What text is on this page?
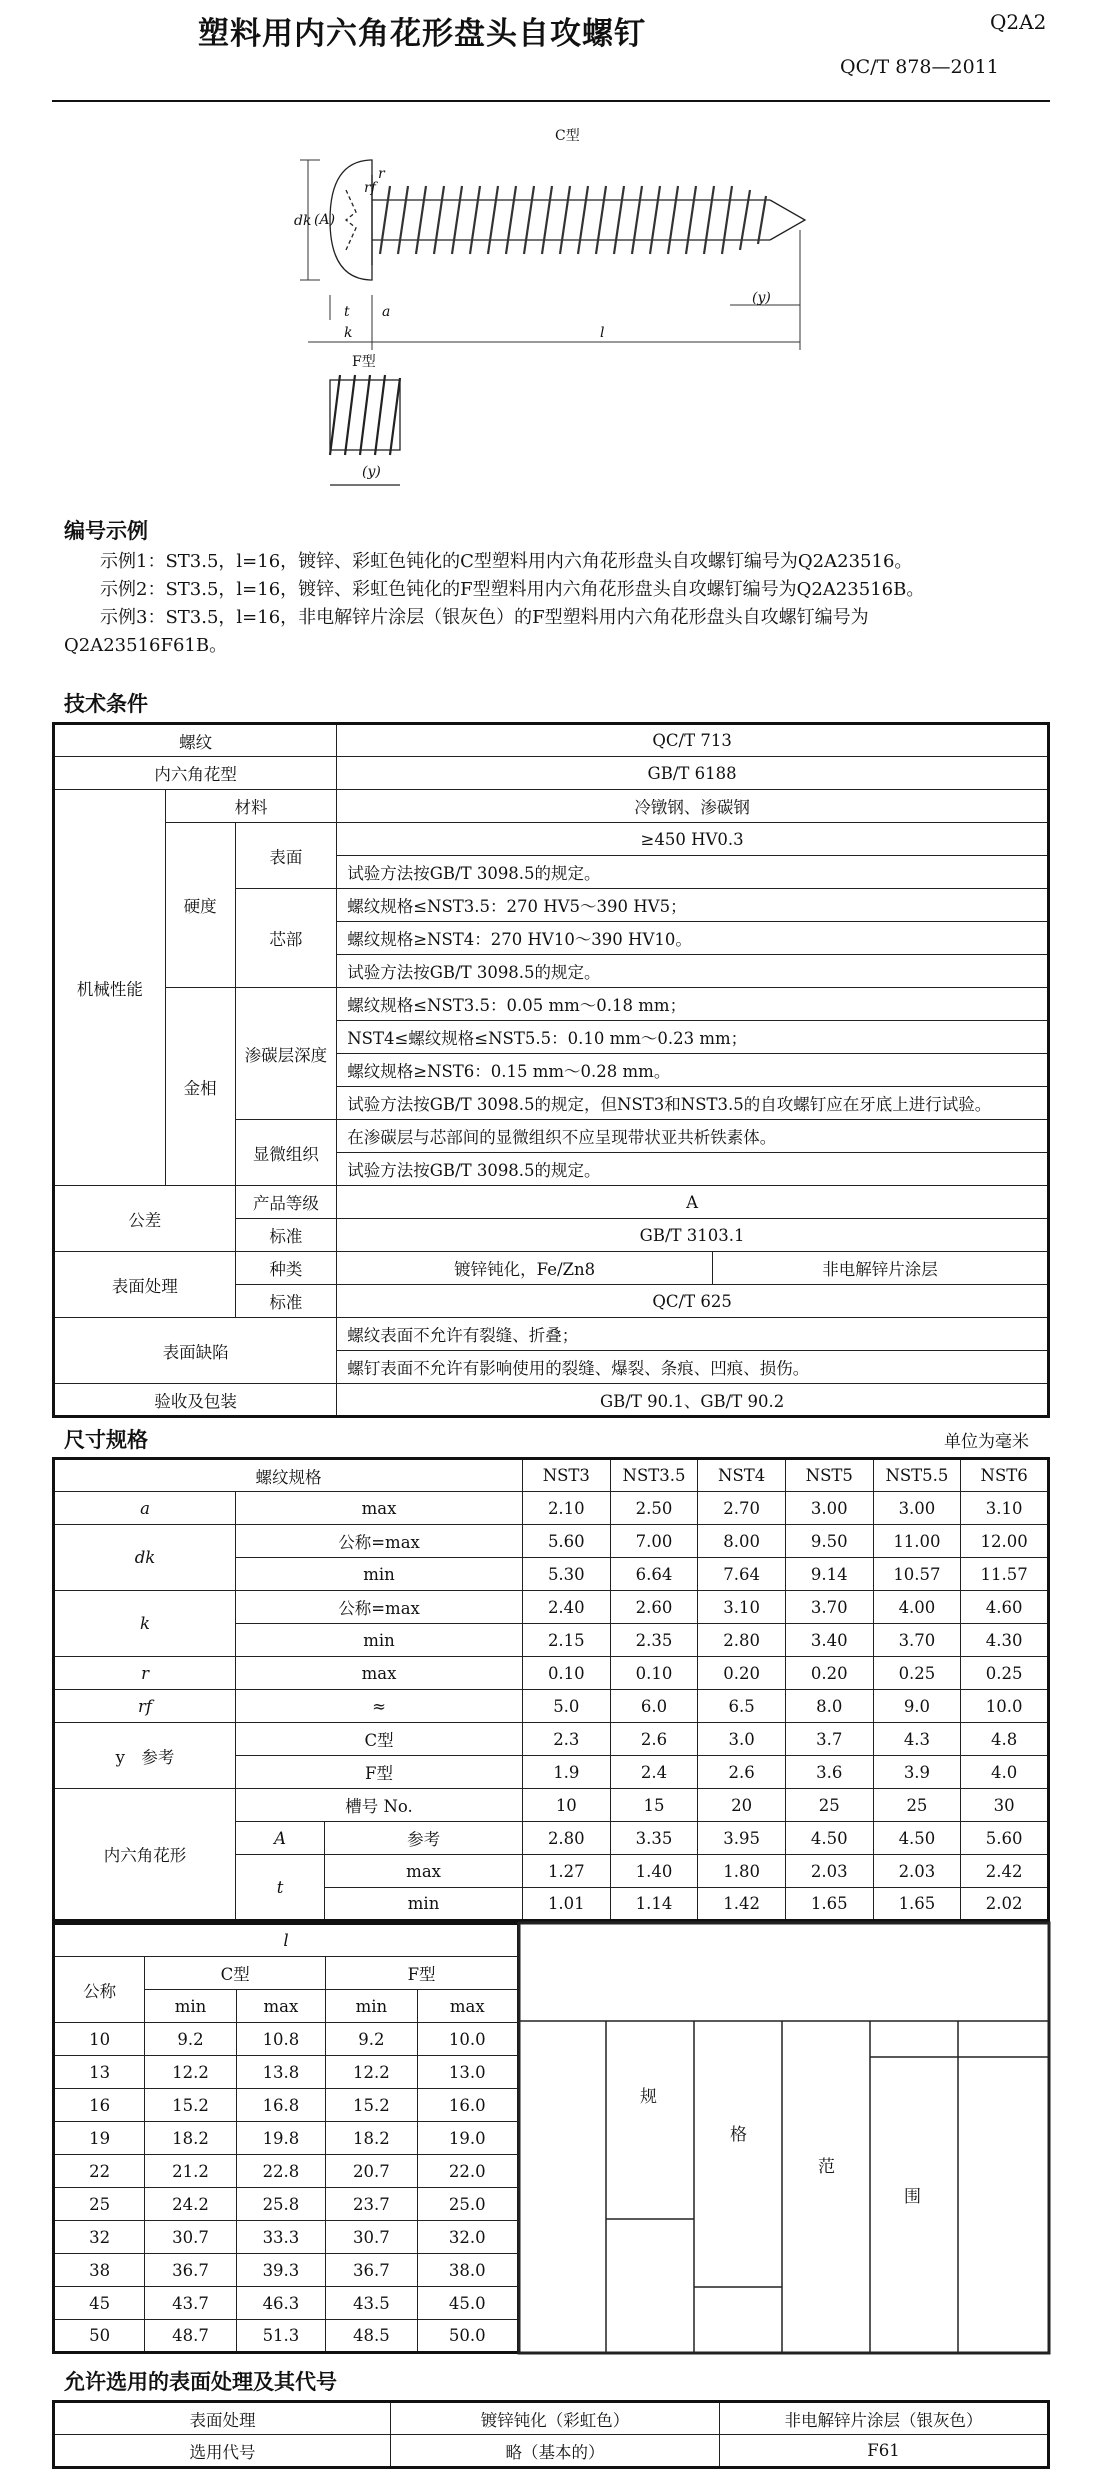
塑料用内六角花形盘头自攻螺钉	Q2A2
QC/T 878—2011
C型
dk (A)
r
rf
t a
k	l
(y)
F型
(y)
编号示例
示例1：ST3.5，l=16，镀锌、彩虹色钝化的C型塑料用内六角花形盘头自攻螺钉编号为Q2A23516。
示例2：ST3.5，l=16，镀锌、彩虹色钝化的F型塑料用内六角花形盘头自攻螺钉编号为Q2A23516B。
示例3：ST3.5，l=16，非电解锌片涂层（银灰色）的F型塑料用内六角花形盘头自攻螺钉编号为
Q2A23516F61B。
技术条件
螺纹			QC/T 713	
内六角花型			GB/T 6188	
机械性能	材料		冷镦钢、渗碳钢	
	硬度	表面	≥450 HV0.3	
			试验方法按GB/T 3098.5的规定。	
		芯部	螺纹规格≤NST3.5：270 HV5～390 HV5；	
			螺纹规格≥NST4：270 HV10～390 HV10。	
			试验方法按GB/T 3098.5的规定。	
	金相	渗碳层深度	螺纹规格≤NST3.5：0.05 mm～0.18 mm；	
			NST4≤螺纹规格≤NST5.5：0.10 mm～0.23 mm；	
			螺纹规格≥NST6：0.15 mm～0.28 mm。	
			试验方法按GB/T 3098.5的规定，但NST3和NST3.5的自攻螺钉应在牙底上进行试验。	
		显微组织	在渗碳层与芯部间的显微组织不应呈现带状亚共析铁素体。	
			试验方法按GB/T 3098.5的规定。	
公差		产品等级	A	
		标准	GB/T 3103.1	
表面处理		种类	镀锌钝化，Fe/Zn8	非电解锌片涂层
		标准	QC/T 625	
表面缺陷			螺纹表面不允许有裂缝、折叠；	
			螺钉表面不允许有影响使用的裂缝、爆裂、条痕、凹痕、损伤。	
验收及包装			GB/T 90.1、GB/T 90.2	
尺寸规格	单位为毫米
螺纹规格			NST3	NST3.5	NST4	NST5	NST5.5	NST6
a	max		2.10	2.50	2.70	3.00	3.00	3.10
dk	公称=max		5.60	7.00	8.00	9.50	11.00	12.00
	min		5.30	6.64	7.64	9.14	10.57	11.57
k	公称=max		2.40	2.60	3.10	3.70	4.00	4.60
	min		2.15	2.35	2.80	3.40	3.70	4.30
r	max		0.10	0.10	0.20	0.20	0.25	0.25
rf	≈		5.0	6.0	6.5	8.0	9.0	10.0
y　参考	C型		2.3	2.6	3.0	3.7	4.3	4.8
	F型		1.9	2.4	2.6	3.6	3.9	4.0
内六角花形	槽号 No.		10	15	20	25	25	30
	A	参考	2.80	3.35	3.95	4.50	4.50	5.60
	t	max	1.27	1.40	1.80	2.03	2.03	2.42
		min	1.01	1.14	1.42	1.65	1.65	2.02
l				
公称	C型		F型	
	min	max	min	max
10	9.2	10.8	9.2	10.0
13	12.2	13.8	12.2	13.0
16	15.2	16.8	15.2	16.0
19	18.2	19.8	18.2	19.0
22	21.2	22.8	20.7	22.0
25	24.2	25.8	23.7	25.0
32	30.7	33.3	30.7	32.0
38	36.7	39.3	36.7	38.0
45	43.7	46.3	43.5	45.0
50	48.7	51.3	48.5	50.0
规
格
范
围
允许选用的表面处理及其代号
表面处理	镀锌钝化（彩虹色）	非电解锌片涂层（银灰色）
选用代号	略（基本的）	F61
